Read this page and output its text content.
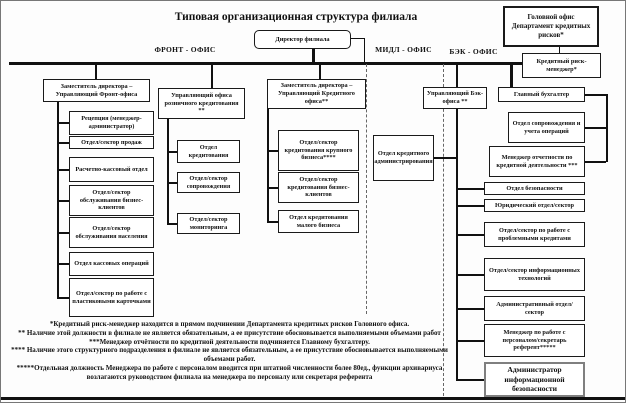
Типовая организационная структура филиала
ФРОНТ - ОФИС	МИДЛ - ОФИС	БЭК - ОФИС
Головной офис Департамент кредитных рисков*
Кредитный риск-менеджер*
Директор филиала
Заместитель директора – Управляющий Фронт-офиса	Управляющий офиса розничного кредитования **
Заместитель директора – Управляющий Кредитного офиса**
Рецепция (менеджер-администратор)
Отдел/сектор продаж
Расчетно-кассовый отдел
Отдел/сектор обслуживания бизнес-клиентов
Отдел/сектор обслуживания населения
Отдел кассовых операций
Отдел/сектор по работе с пластиковыми карточками
Отдел кредитования
Отдел/сектор сопровождения
Отдел/сектор мониторинга
Отдел/сектор кредитования крупного бизнеса****
Отдел/сектор кредитования бизнес-клиентов
Отдел кредитования малого бизнеса
Отдел кредитного администрирования
Управляющий Бэк-офиса **
Главный бухгалтер
Отдел сопровождения и учета операций
Менеджер отчетности по кредитной деятельности ***
Отдел безопасности
Юридический отдел/сектор
Отдел/сектор по работе с проблемными кредитами
Отдел/сектор информационных технологий
Административный отдел/сектор
Менеджер по работе с персоналом/секретарь референт*****
Администратор информационной безопасности

*Кредитный риск-менеджер находится в прямом подчинении Департамента кредитных рисков Головного офиса.

** Наличие этой должности в филиале не является обязательным, а ее присутствие обосновывается выполняемыми объемами работ

***Менеджер отчётности по кредитной деятельности подчиняется Главному бухгалтеру.

**** Наличие этого структурного подразделения в филиале не является обязательным, а ее присутствие обосновывается выполняемыми объемами работ.

*****Отдельная должность Менеджера по работе с персоналом вводится при штатной численности более 80ед., функции архивариуса возлагаются руководством филиала на менеджера по персоналу или секретаря референта
